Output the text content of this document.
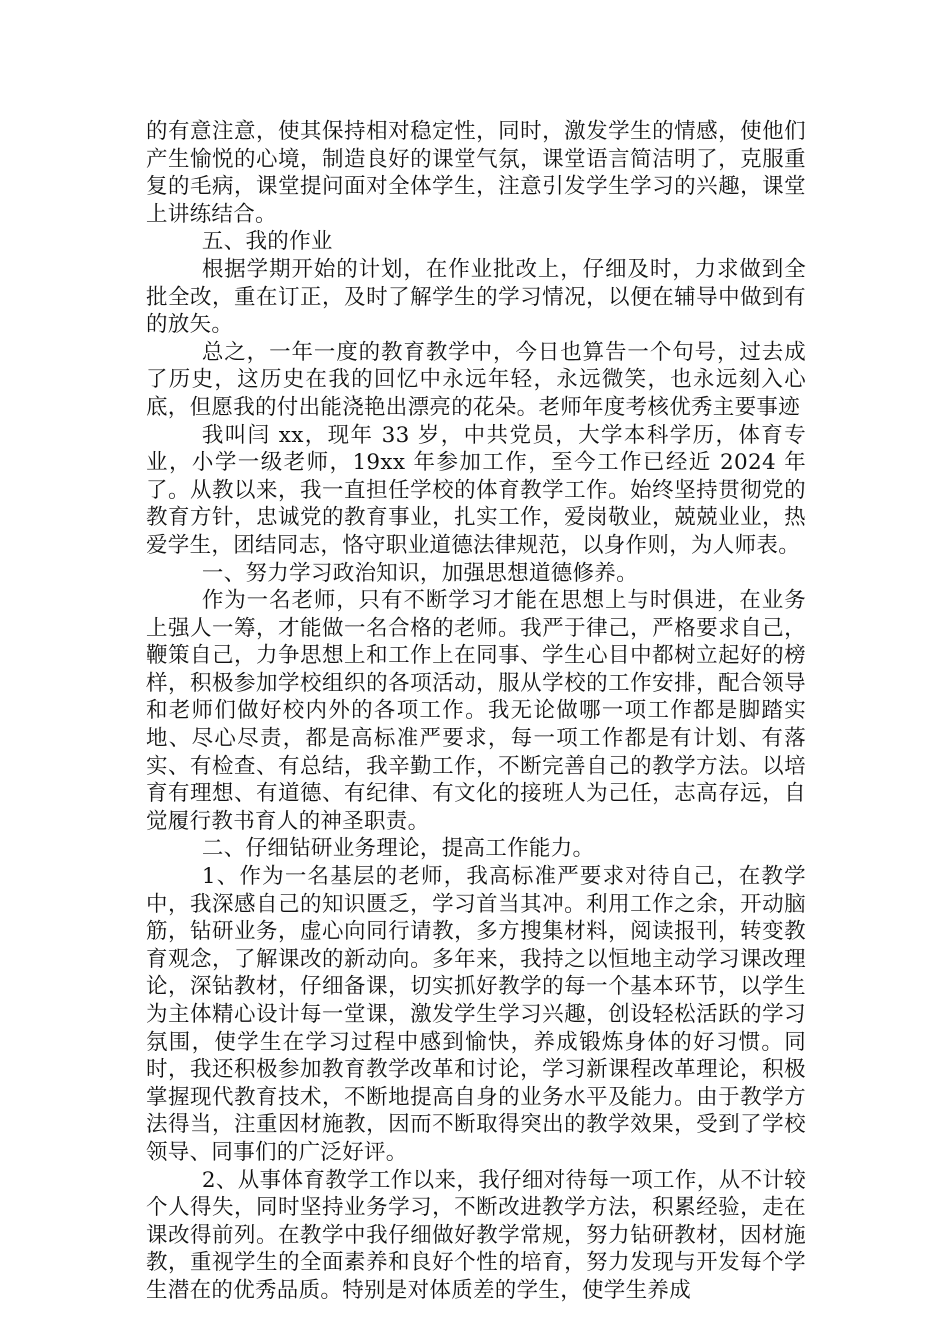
的有意注意，使其保持相对稳定性，同时，激发学生的情感，使他们产生愉悦的心境，制造良好的课堂气氛，课堂语言简洁明了，克服重复的毛病，课堂提问面对全体学生，注意引发学生学习的兴趣，课堂上讲练结合。

五、我的作业

根据学期开始的计划，在作业批改上，仔细及时，力求做到全批全改，重在订正，及时了解学生的学习情况，以便在辅导中做到有的放矢。

总之，一年一度的教育教学中，今日也算告一个句号，过去成了历史，这历史在我的回忆中永远年轻，永远微笑，也永远刻入心底，但愿我的付出能浇艳出漂亮的花朵。老师年度考核优秀主要事迹

我叫闫 xx，现年 33 岁，中共党员，大学本科学历，体育专业，小学一级老师，19xx 年参加工作，至今工作已经近 2024 年了。从教以来，我一直担任学校的体育教学工作。始终坚持贯彻党的教育方针，忠诚党的教育事业，扎实工作，爱岗敬业，兢兢业业，热爱学生，团结同志，恪守职业道德法律规范，以身作则，为人师表。

一、努力学习政治知识，加强思想道德修养。

作为一名老师，只有不断学习才能在思想上与时俱进，在业务上强人一筹，才能做一名合格的老师。我严于律己，严格要求自己，鞭策自己，力争思想上和工作上在同事、学生心目中都树立起好的榜样，积极参加学校组织的各项活动，服从学校的工作安排，配合领导和老师们做好校内外的各项工作。我无论做哪一项工作都是脚踏实地、尽心尽责，都是高标准严要求，每一项工作都是有计划、有落实、有检查、有总结，我辛勤工作，不断完善自己的教学方法。以培育有理想、有道德、有纪律、有文化的接班人为己任，志高存远，自觉履行教书育人的神圣职责。

二、仔细钻研业务理论，提高工作能力。

1、作为一名基层的老师，我高标准严要求对待自己，在教学中，我深感自己的知识匮乏，学习首当其冲。利用工作之余，开动脑筋，钻研业务，虚心向同行请教，多方搜集材料，阅读报刊，转变教育观念，了解课改的新动向。多年来，我持之以恒地主动学习课改理论，深钻教材，仔细备课，切实抓好教学的每一个基本环节，以学生为主体精心设计每一堂课，激发学生学习兴趣，创设轻松活跃的学习氛围，使学生在学习过程中感到愉快，养成锻炼身体的好习惯。同时，我还积极参加教育教学改革和讨论，学习新课程改革理论，积极掌握现代教育技术，不断地提高自身的业务水平及能力。由于教学方法得当，注重因材施教，因而不断取得突出的教学效果，受到了学校领导、同事们的广泛好评。

2、从事体育教学工作以来，我仔细对待每一项工作，从不计较个人得失，同时坚持业务学习，不断改进教学方法，积累经验，走在课改得前列。在教学中我仔细做好教学常规，努力钻研教材，因材施教，重视学生的全面素养和良好个性的培育，努力发现与开发每个学生潜在的优秀品质。特别是对体质差的学生，使学生养成
